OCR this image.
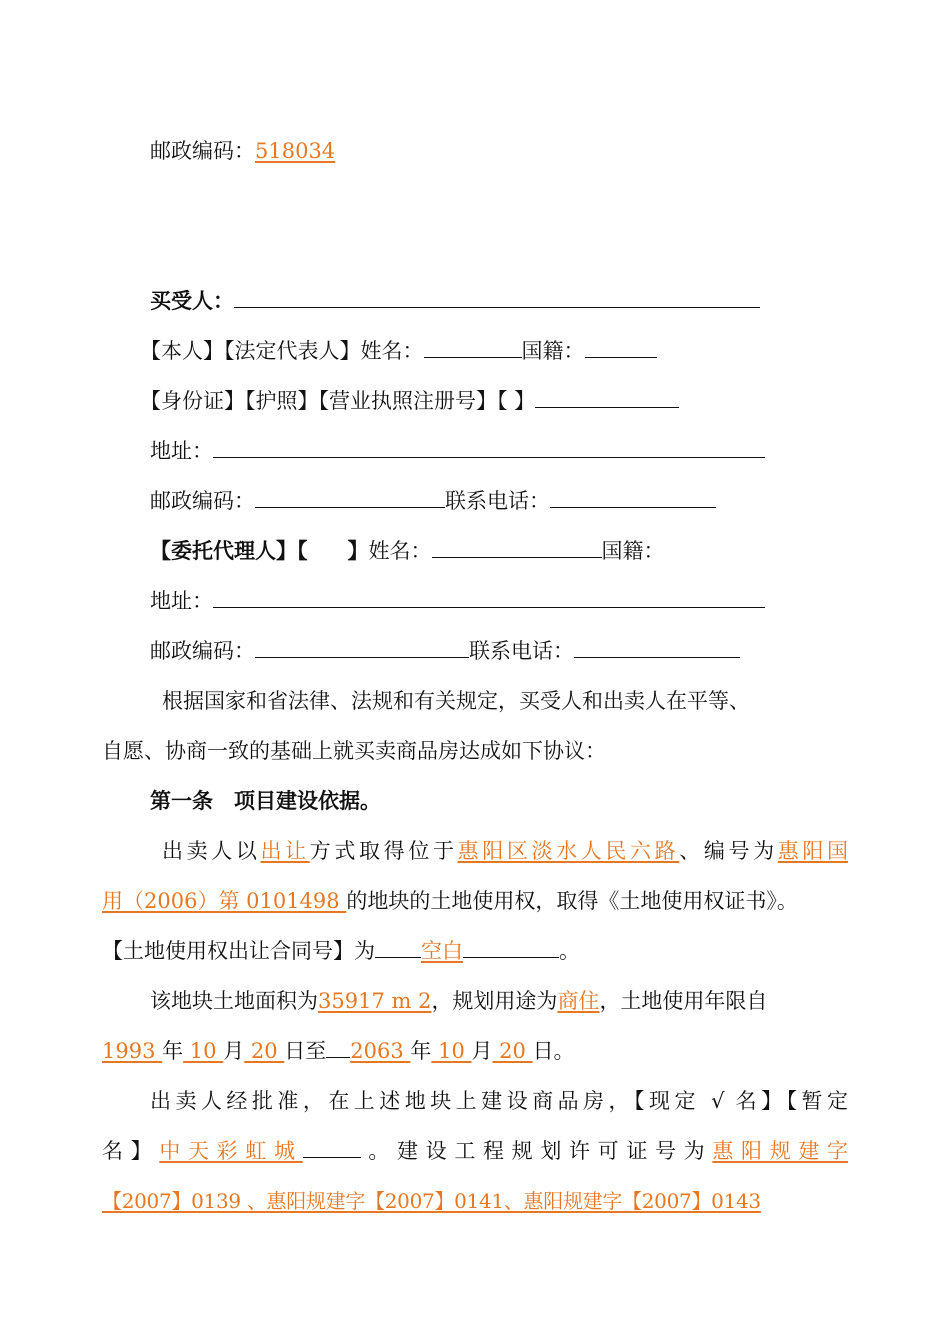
邮政编码：518034
买受人：
【本人】【法定代表人】姓名：	国籍：
【身份证】【护照】【营业执照注册号】【 】
地址：
邮政编码：	联系电话：
【委托代理人】【 】姓名：	国籍：
地址：
邮政编码：	联系电话：
根据国家和省法律、法规和有关规定，买受人和出卖人在平等、
自愿、协商一致的基础上就买卖商品房达成如下协议：
第一条　项目建设依据。
出卖人以出让方式取得位于惠阳区淡水人民六路、编号为惠阳国
用（2006）第 0101498 的地块的土地使用权，取得《土地使用权证书》。
【土地使用权出让合同号】为 空白	。
该地块土地面积为35917 m 2，规划用途为商住，土地使用年限自
1993 年 10 月 20 日至 2063 年 10 月 20 日。
出卖人经批准，在上述地块上建设商品房，【现定 √ 名】【暂定
名】中天彩虹城	。建设工程规划许可证号为惠阳规建字
【2007】0139 、惠阳规建字【2007】0141、惠阳规建字【2007】0143
